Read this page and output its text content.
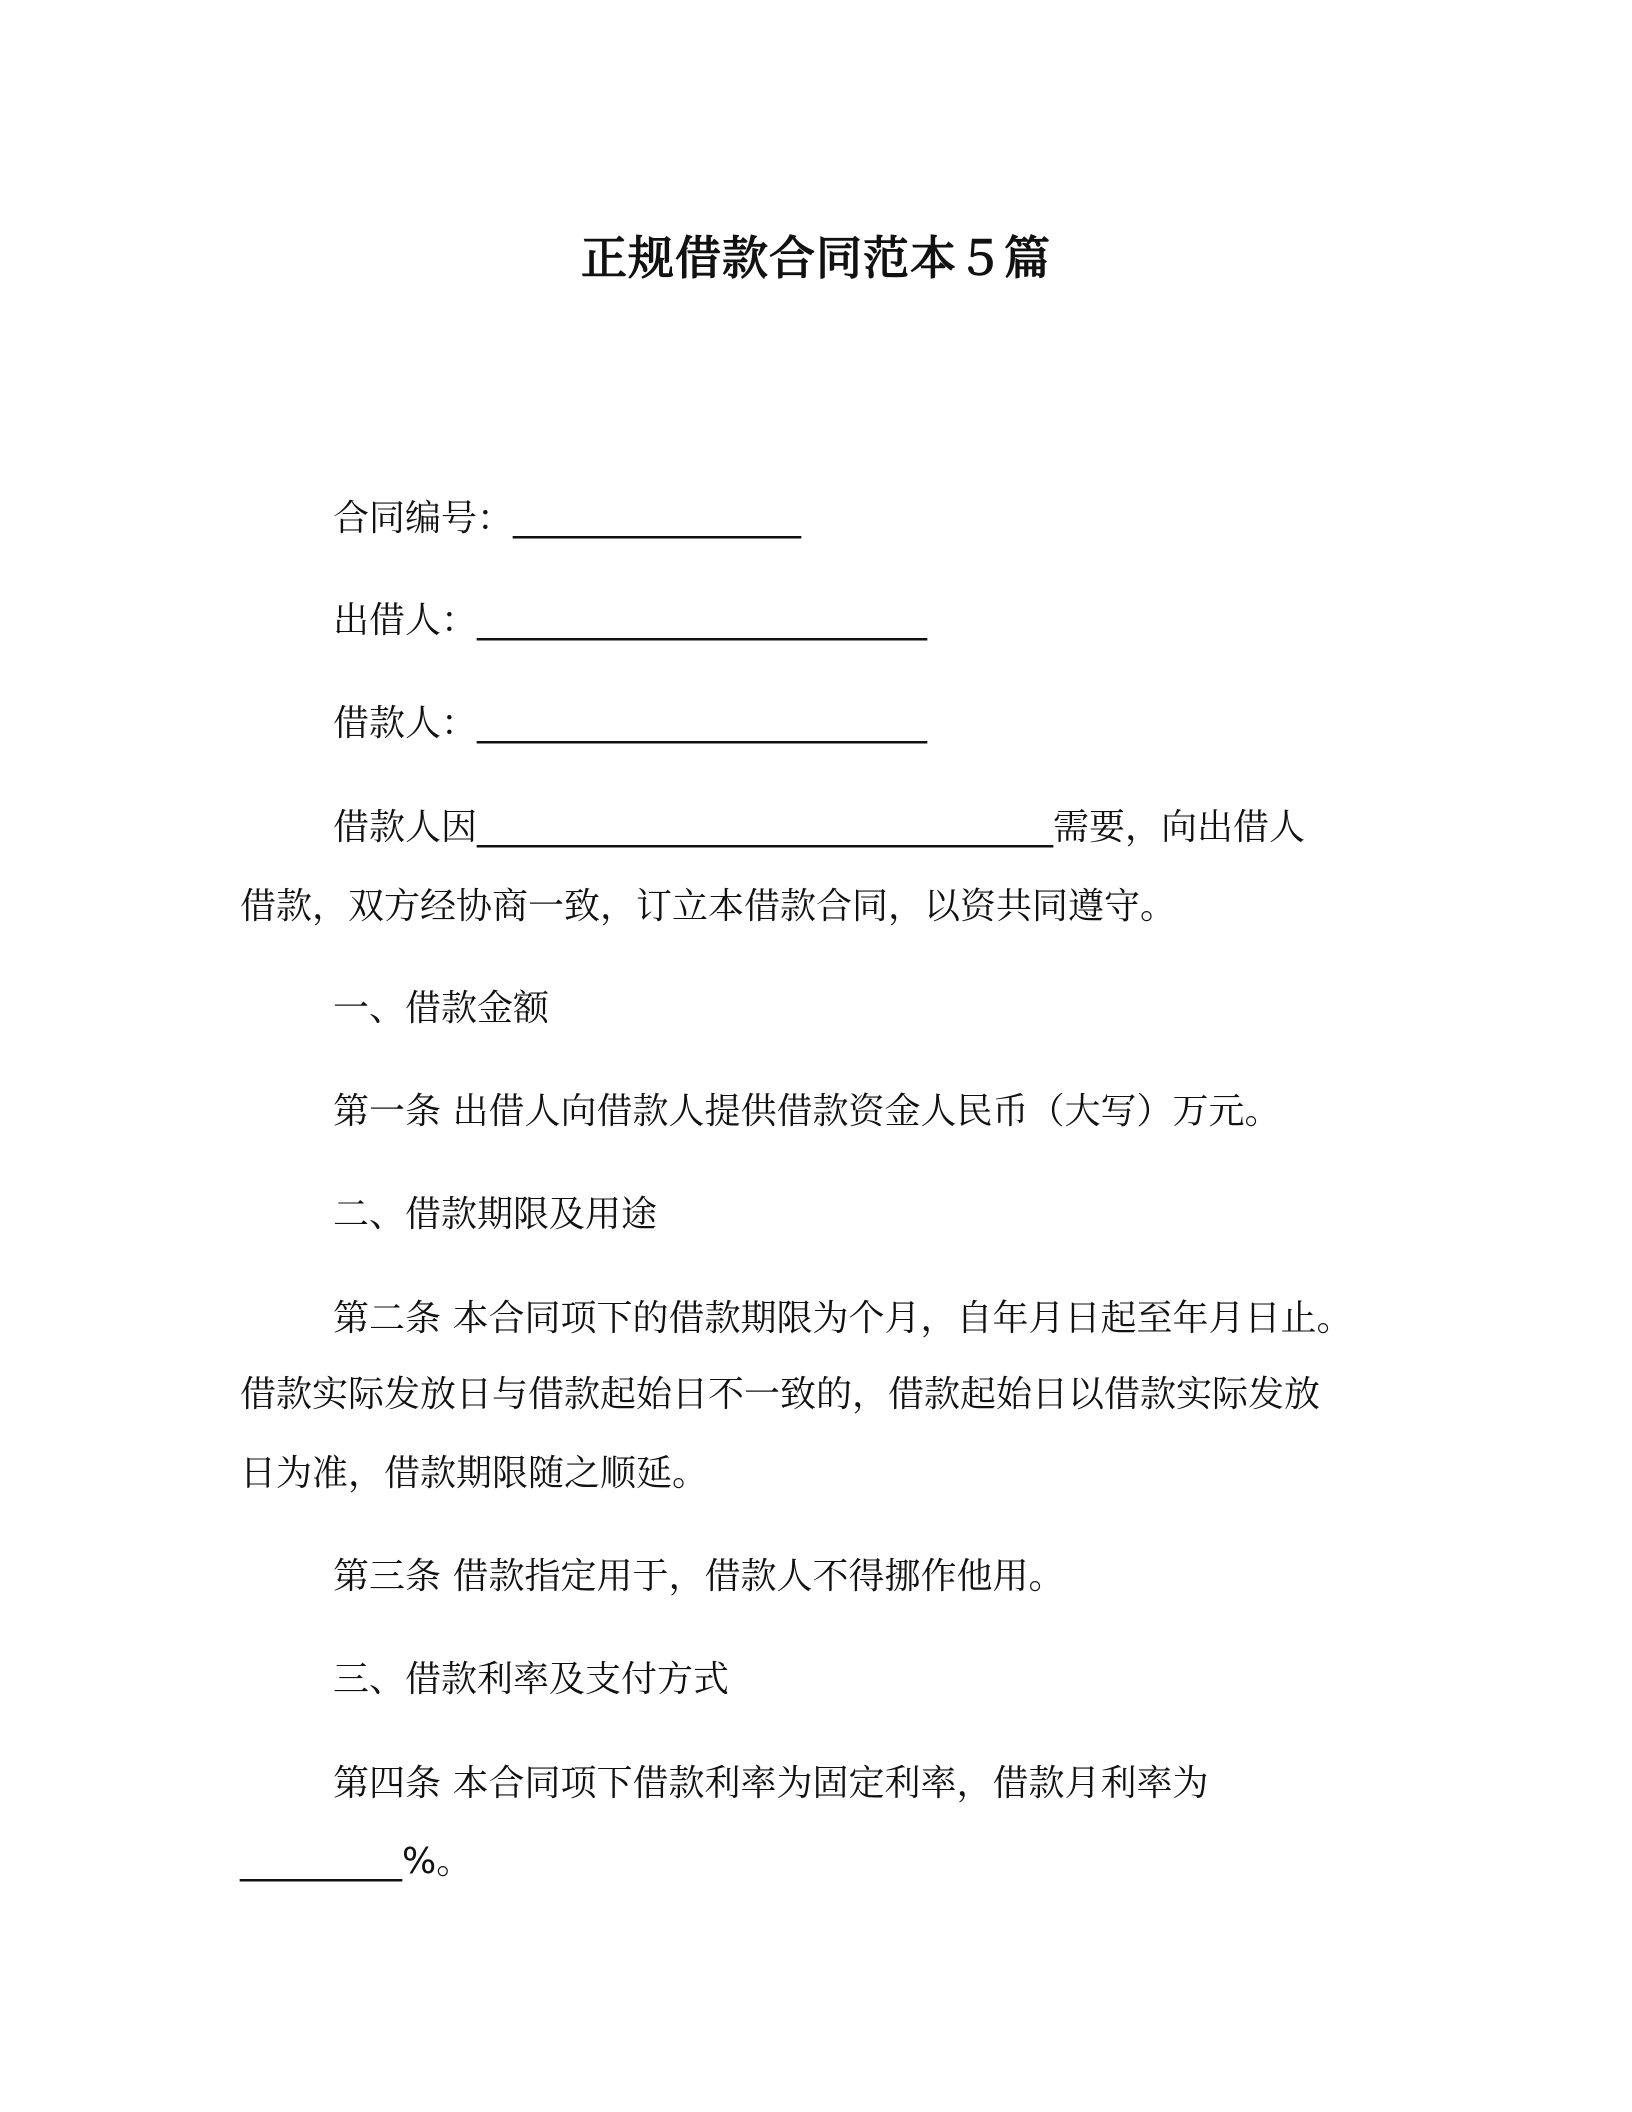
正规借款合同范本５篇
合同编号：________________
出借人：_________________________
借款人：_________________________
借款人因________________________________需要，向出借人
借款，双方经协商一致，订立本借款合同，以资共同遵守。
一、借款金额
第一条 出借人向借款人提供借款资金人民币（大写）万元。
二、借款期限及用途
第二条 本合同项下的借款期限为个月，自年月日起至年月日止。
借款实际发放日与借款起始日不一致的，借款起始日以借款实际发放
日为准，借款期限随之顺延。
第三条 借款指定用于，借款人不得挪作他用。
三、借款利率及支付方式
第四条 本合同项下借款利率为固定利率，借款月利率为
_________%。
